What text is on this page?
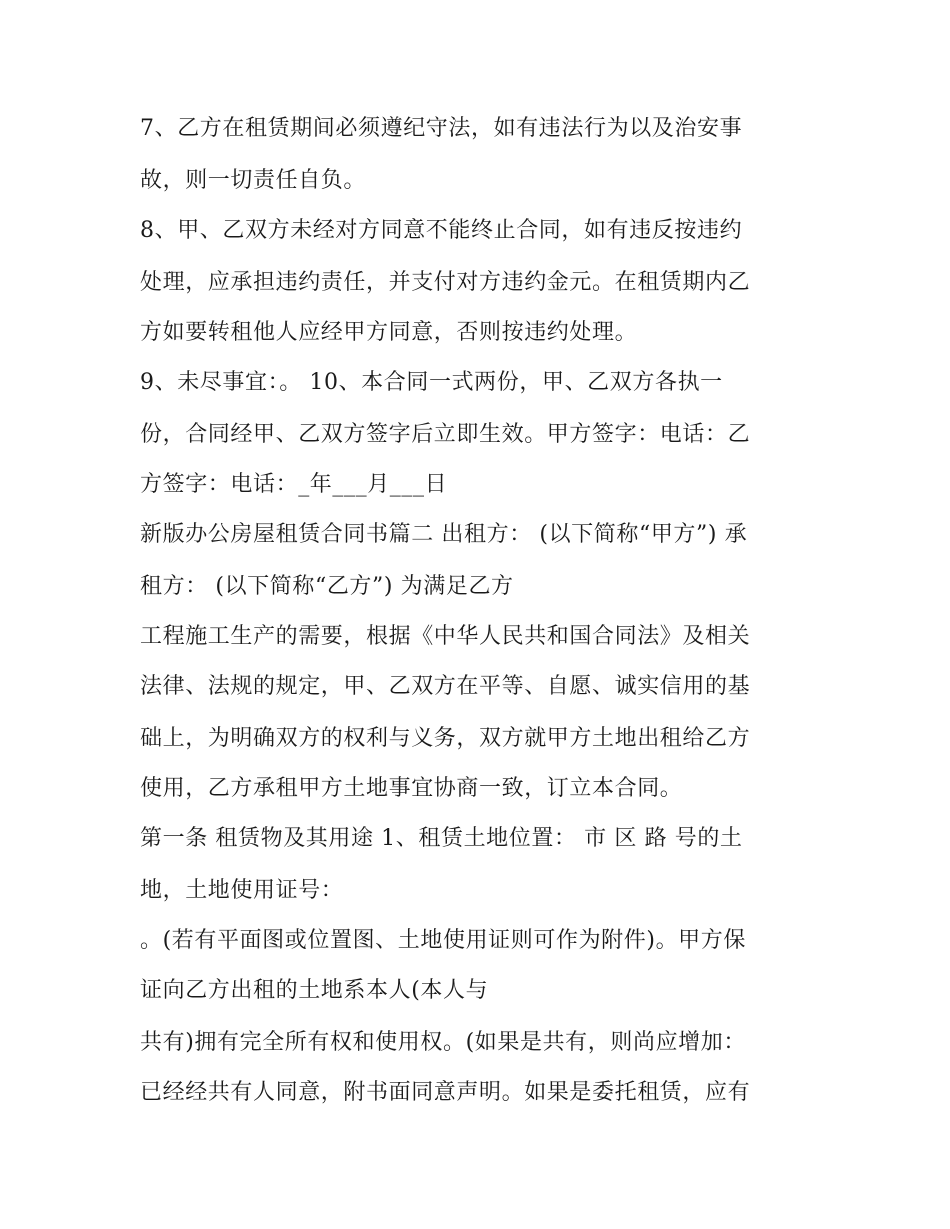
7、乙方在租赁期间必须遵纪守法，如有违法行为以及治安事
故，则一切责任自负。
8、甲、乙双方未经对方同意不能终止合同，如有违反按违约
处理，应承担违约责任，并支付对方违约金元。在租赁期内乙
方如要转租他人应经甲方同意，否则按违约处理。
9、未尽事宜：。 10、本合同一式两份，甲、乙双方各执一
份，合同经甲、乙双方签字后立即生效。甲方签字：电话：乙
方签字：电话：_年___月___日
新版办公房屋租赁合同书篇二 出租方： (以下简称“甲方”) 承
租方： (以下简称“乙方”) 为满足乙方
工程施工生产的需要，根据《中华人民共和国合同法》及相关
法律、法规的规定，甲、乙双方在平等、自愿、诚实信用的基
础上，为明确双方的权利与义务，双方就甲方土地出租给乙方
使用，乙方承租甲方土地事宜协商一致，订立本合同。
第一条 租赁物及其用途 1、租赁土地位置： 市 区 路 号的土
地，土地使用证号：
。(若有平面图或位置图、土地使用证则可作为附件)。甲方保
证向乙方出租的土地系本人(本人与
共有)拥有完全所有权和使用权。(如果是共有，则尚应增加：
已经经共有人同意，附书面同意声明。如果是委托租赁，应有
